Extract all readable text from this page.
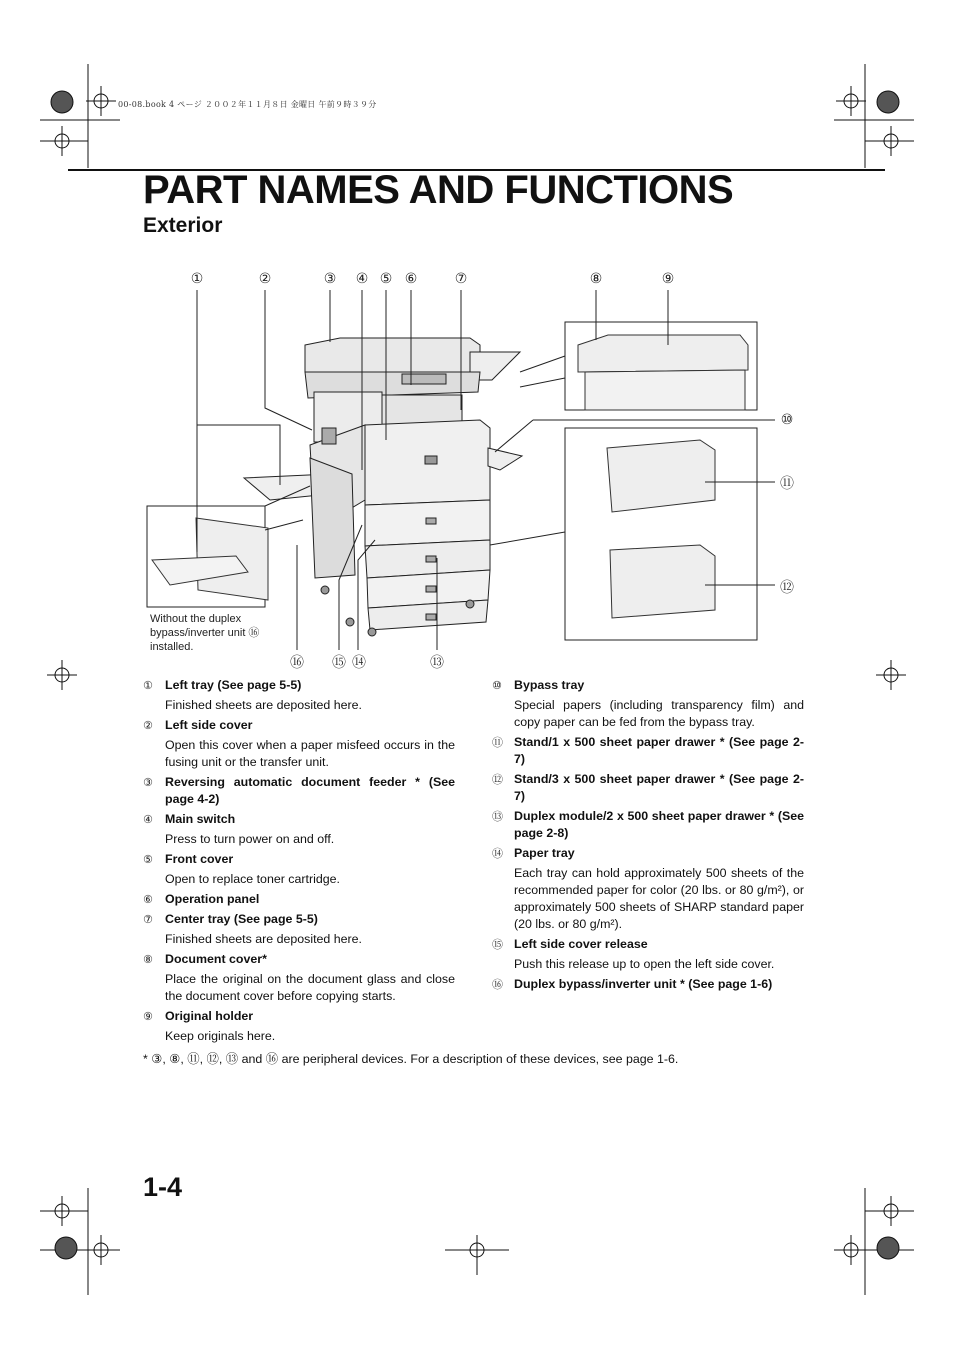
00-08.book 4 ページ ２００２年１１月８日 金曜日 午前９時３９分
PART NAMES AND FUNCTIONS
Exterior
①	②	③ ④ ⑤ ⑥	⑦	⑧	⑨
⑩
⑪
⑫
⑬
⑭
⑮
⑯
Without the duplex bypass/inverter unit ⑯ installed.
① Left tray (See page 5-5)
Finished sheets are deposited here.
② Left side cover
Open this cover when a paper misfeed occurs in the fusing unit or the transfer unit.
③ Reversing automatic document feeder * (See page 4-2)
④ Main switch
Press to turn power on and off.
⑤ Front cover
Open to replace toner cartridge.
⑥ Operation panel
⑦ Center tray (See page 5-5)
Finished sheets are deposited here.
⑧ Document cover*
Place the original on the document glass and close the document cover before copying starts.
⑨ Original holder
Keep originals here.
⑩ Bypass tray
Special papers (including transparency film) and copy paper can be fed from the bypass tray.
⑪ Stand/1 x 500 sheet paper drawer * (See page 2-7)
⑫ Stand/3 x 500 sheet paper drawer * (See page 2-7)
⑬ Duplex module/2 x 500 sheet paper drawer * (See page 2-8)
⑭ Paper tray
Each tray can hold approximately 500 sheets of the recommended paper for color (20 lbs. or 80 g/m²), or approximately 500 sheets of SHARP standard paper (20 lbs. or 80 g/m²).
⑮ Left side cover release
Push this release up to open the left side cover.
⑯ Duplex bypass/inverter unit * (See page 1-6)
* ③, ⑧, ⑪, ⑫, ⑬ and ⑯ are peripheral devices. For a description of these devices, see page 1-6.
1-4
